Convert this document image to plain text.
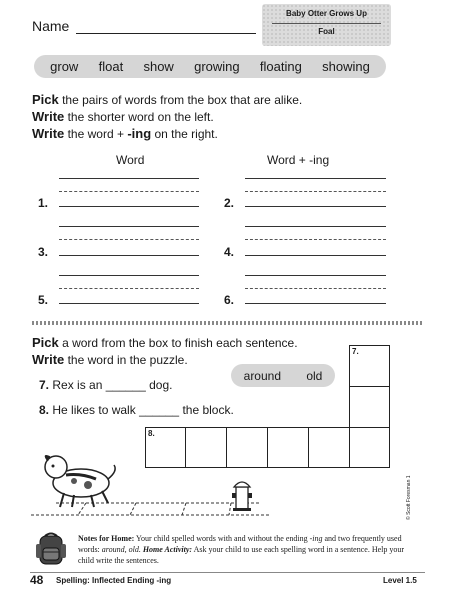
Name
Baby Otter Grows Up
Foal
grow float show growing floating showing
Pick the pairs of words from the box that are alike.
Write the shorter word on the left.
Write the word + -ing on the right.
Word	Word + -ing
1.	2.
3.	4.
5.	6.
Pick a word from the box to finish each sentence.
Write the word in the puzzle.
around old
7. Rex is an ______ dog.
8. He likes to walk ______ the block.
7.
8.
Notes for Home: Your child spelled words with and without the ending -ing and two frequently used words: around, old. Home Activity: Ask your child to use each spelling word in a sentence. Help your child write the sentences.
© Scott Foresman 1
48 Spelling: Inflected Ending -ing	Level 1.5
